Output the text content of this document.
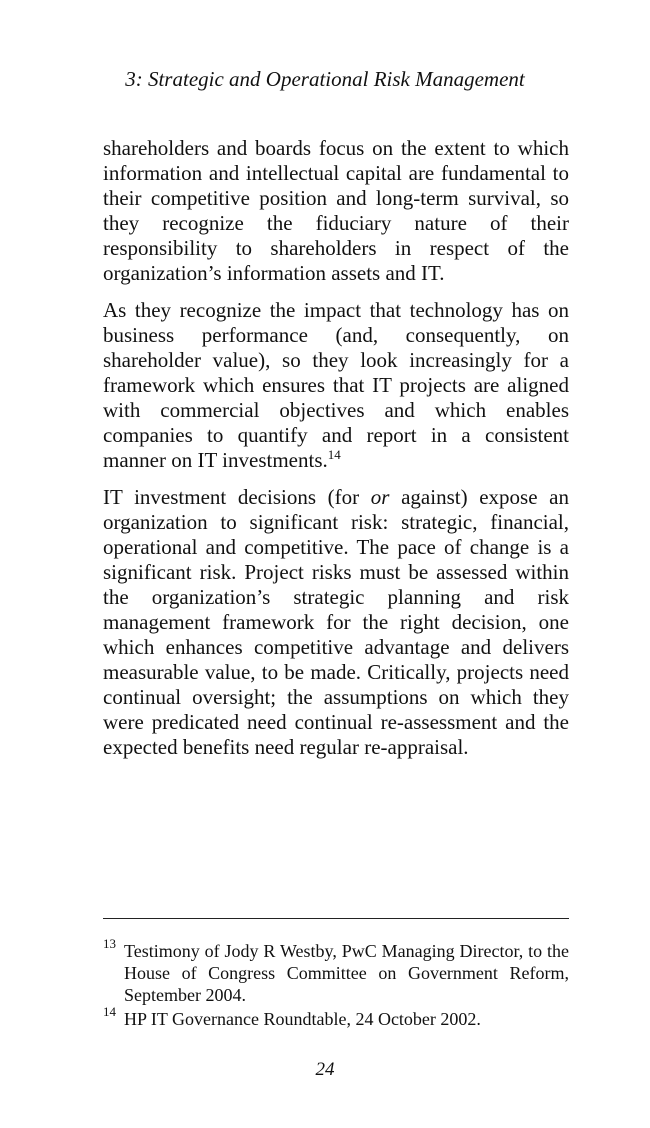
3: Strategic and Operational Risk Management

shareholders and boards focus on the extent to which information and intellectual capital are fundamental to their competitive position and long-term survival, so they recognize the fiduciary nature of their responsibility to shareholders in respect of the organization’s information assets and IT.

As they recognize the impact that technology has on business performance (and, consequently, on shareholder value), so they look increasingly for a framework which ensures that IT projects are aligned with commercial objectives and which enables companies to quantify and report in a consistent manner on IT investments.$^{14}$

IT investment decisions (for or against) expose an organization to significant risk: strategic, financial, operational and competitive. The pace of change is a significant risk. Project risks must be assessed within the organization’s strategic planning and risk management framework for the right decision, one which enhances competitive advantage and delivers measurable value, to be made. Critically, projects need continual oversight; the assumptions on which they were predicated need continual re-assessment and the expected benefits need regular re-appraisal.

13 Testimony of Jody R Westby, PwC Managing Director, to the House of Congress Committee on Government Reform, September 2004.
14 HP IT Governance Roundtable, 24 October 2002.
24
